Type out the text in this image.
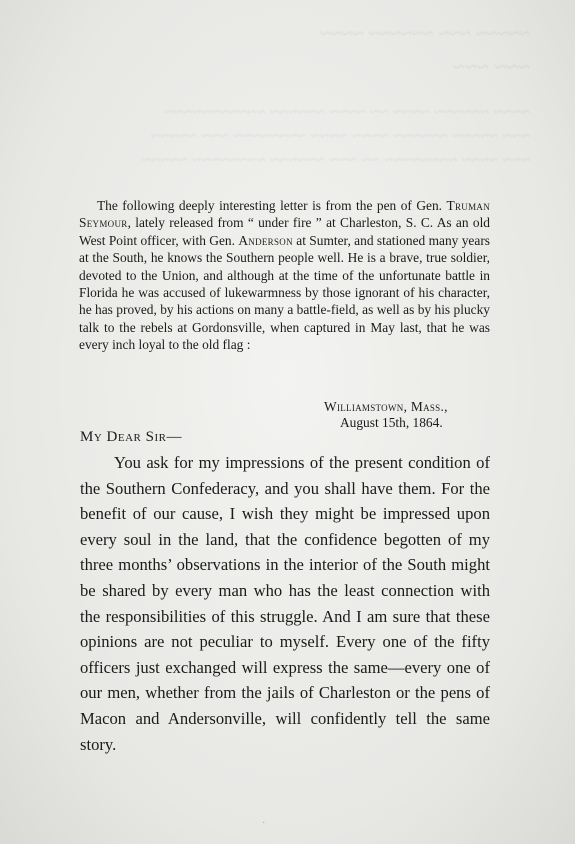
~~~~~ ~~~ ~~~~~~ ~~~~
~~~ ~~~
~~~~ ~~~~~~ ~~~~ ~~ ~~~~ ~~~~~~ ~~~~~~~~~~~
~~~ ~~~~~ ~~~~~~ ~~~~ ~~~~ ~~~~~~~~ ~~~ ~~~~~
~~~ ~~~~ ~~~~~~~~ ~~ ~~~ ~~~~~~ ~~~~~~~~ ~~~~~

The following deeply interesting letter is from the pen of Gen. Truman Seymour, lately released from “ under fire ” at Charleston, S. C. As an old West Point officer, with Gen. Anderson at Sumter, and stationed many years at the South, he knows the Southern people well. He is a brave, true soldier, devoted to the Union, and although at the time of the unfortunate battle in Florida he was accused of lukewarmness by those ignorant of his character, he has proved, by his actions on many a battle-field, as well as by his plucky talk to the rebels at Gordonsville, when captured in May last, that he was every inch loyal to the old flag :

Williamstown, Mass.,
August 15th, 1864.
My Dear Sir—

You ask for my impressions of the present condition of the Southern Confederacy, and you shall have them. For the benefit of our cause, I wish they might be impressed upon every soul in the land, that the confidence begotten of my three months’ observations in the interior of the South might be shared by every man who has the least connection with the responsibilities of this struggle. And I am sure that these opinions are not peculiar to myself. Every one of the fifty officers just exchanged will express the same—every one of our men, whether from the jails of Charleston or the pens of Macon and Andersonville, will confidently tell the same story.

·
